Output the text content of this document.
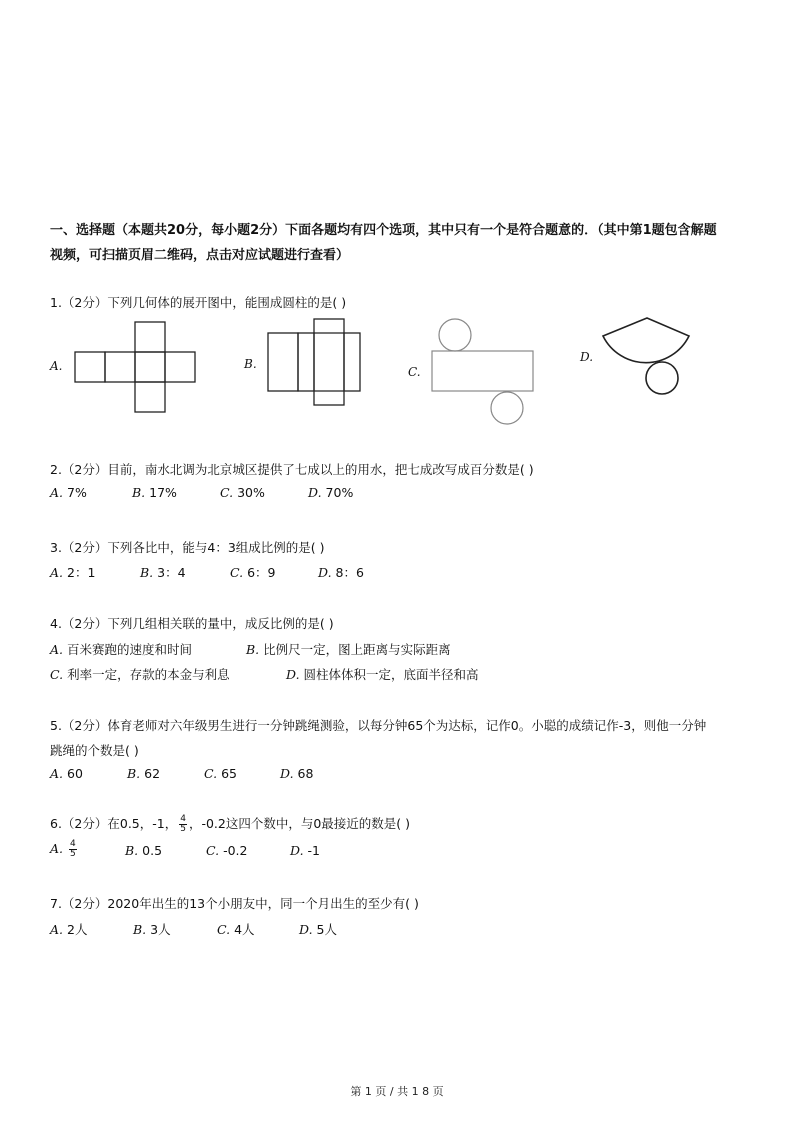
一、选择题（本题共20分，每小题2分）下面各题均有四个选项，其中只有一个是符合题意的．（其中第1题包含解题
视频，可扫描页眉二维码，点击对应试题进行查看）
1.（2分）下列几何体的展开图中，能围成圆柱的是( )
A.	B.
C.
D.
2.（2分）目前，南水北调为北京城区提供了七成以上的用水，把七成改写成百分数是( )
A. 7%	B. 17%	C. 30%	D. 70%
3.（2分）下列各比中，能与4：3组成比例的是( )
A. 2：1	B. 3：4	C. 6：9	D. 8：6
4.（2分）下列几组相关联的量中，成反比例的是( )
A. 百米赛跑的速度和时间	B. 比例尺一定，图上距离与实际距离
C. 利率一定，存款的本金与利息	D. 圆柱体体积一定，底面半径和高
5.（2分）体育老师对六年级男生进行一分钟跳绳测验，以每分钟65个为达标，记作0。小聪的成绩记作-3，则他一分钟
跳绳的个数是( )
A. 60	B. 62	C. 65	D. 68
6.（2分）在0.5，-1， $\frac{4}{5}$ ，-0.2这四个数中，与0最接近的数是( )
A. $\frac{4}{5}$	B. 0.5	C. -0.2	D. -1
7.（2分）2020年出生的13个小朋友中，同一个月出生的至少有( )
A. 2人	B. 3人	C. 4人	D. 5人
第 1 页 / 共 1 8 页
